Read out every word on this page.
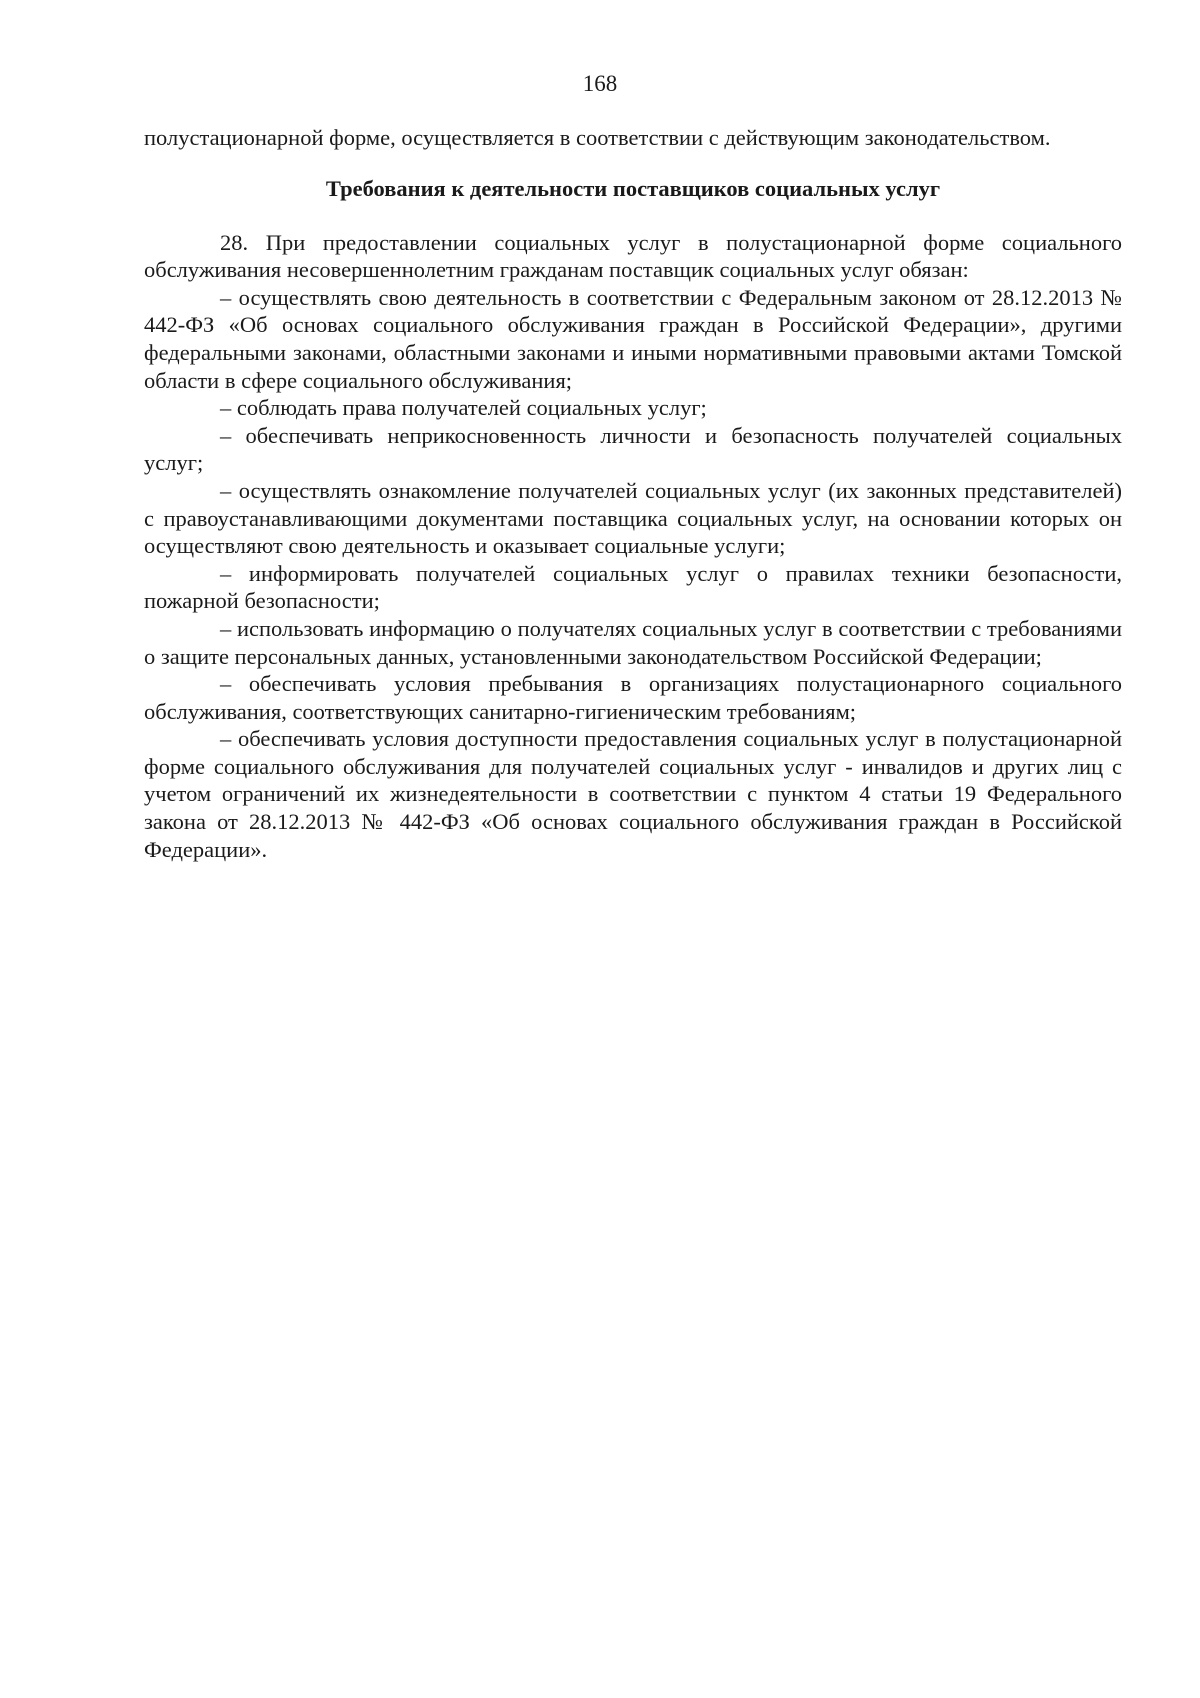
168

полустационарной форме, осуществляется в соответствии с действующим законодательством.

Требования к деятельности поставщиков социальных услуг

28. При предоставлении социальных услуг в полустационарной форме социального обслуживания несовершеннолетним гражданам поставщик социальных услуг обязан:

– осуществлять свою деятельность в соответствии с Федеральным законом от 28.12.2013 № 442-ФЗ «Об основах социального обслуживания граждан в Российской Федерации», другими федеральными законами, областными законами и иными нормативными правовыми актами Томской области в сфере социального обслуживания;

– соблюдать права получателей социальных услуг;

– обеспечивать неприкосновенность личности и безопасность получателей социальных услуг;

– осуществлять ознакомление получателей социальных услуг (их законных представителей) с правоустанавливающими документами поставщика социальных услуг, на основании которых он осуществляют свою деятельность и оказывает социальные услуги;

– информировать получателей социальных услуг о правилах техники безопасности, пожарной безопасности;

– использовать информацию о получателях социальных услуг в соответствии с требованиями о защите персональных данных, установленными законодательством Российской Федерации;

– обеспечивать условия пребывания в организациях полустационарного социального обслуживания, соответствующих санитарно-гигиеническим требованиям;

– обеспечивать условия доступности предоставления социальных услуг в полустационарной форме социального обслуживания для получателей социальных услуг - инвалидов и других лиц с учетом ограничений их жизнедеятельности в соответствии с пунктом 4 статьи 19 Федерального закона от 28.12.2013 № 442-ФЗ «Об основах социального обслуживания граждан в Российской Федерации».
